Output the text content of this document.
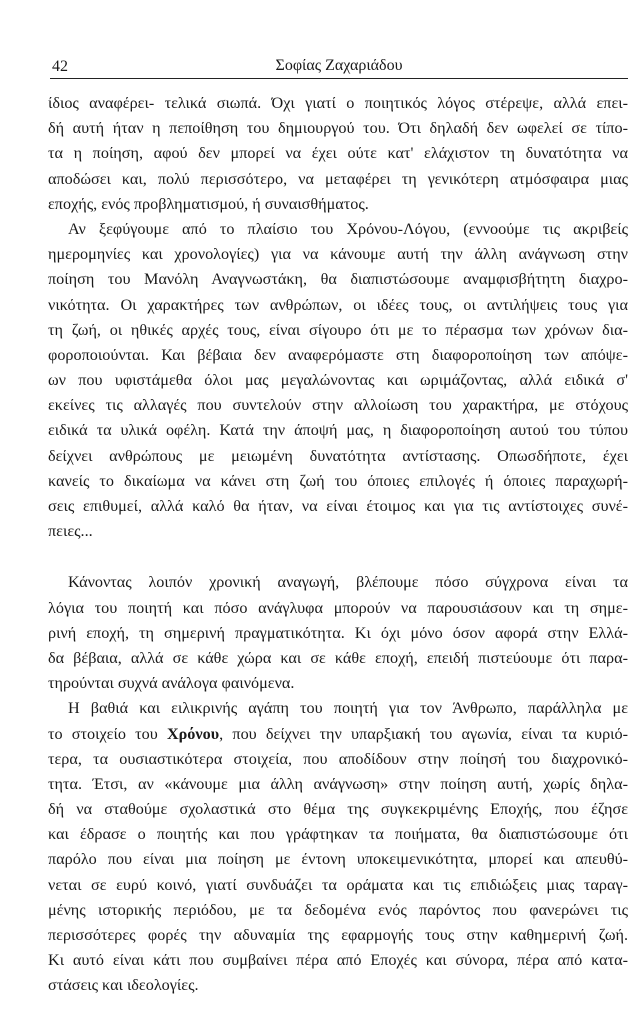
42	Σοφίας Ζαχαριάδου
ίδιος αναφέρει- τελικά σιωπά. Όχι γιατί ο ποιητικός λόγος στέρεψε, αλλά επει-
δή αυτή ήταν η πεποίθηση του δημιουργού του. Ότι δηλαδή δεν ωφελεί σε τίπο-
τα η ποίηση, αφού δεν μπορεί να έχει ούτε κατ' ελάχιστον τη δυνατότητα να
αποδώσει και, πολύ περισσότερο, να μεταφέρει τη γενικότερη ατμόσφαιρα μιας
εποχής, ενός προβληματισμού, ή συναισθήματος.
Αν ξεφύγουμε από το πλαίσιο του Χρόνου-Λόγου, (εννοούμε τις ακριβείς
ημερομηνίες και χρονολογίες) για να κάνουμε αυτή την άλλη ανάγνωση στην
ποίηση του Μανόλη Αναγνωστάκη, θα διαπιστώσουμε αναμφισβήτητη διαχρο-
νικότητα. Οι χαρακτήρες των ανθρώπων, οι ιδέες τους, οι αντιλήψεις τους για
τη ζωή, οι ηθικές αρχές τους, είναι σίγουρο ότι με το πέρασμα των χρόνων δια-
φοροποιούνται. Και βέβαια δεν αναφερόμαστε στη διαφοροποίηση των απόψε-
ων που υφιστάμεθα όλοι μας μεγαλώνοντας και ωριμάζοντας, αλλά ειδικά σ'
εκείνες τις αλλαγές που συντελούν στην αλλοίωση του χαρακτήρα, με στόχους
ειδικά τα υλικά οφέλη. Κατά την άποψή μας, η διαφοροποίηση αυτού του τύπου
δείχνει ανθρώπους με μειωμένη δυνατότητα αντίστασης. Οπωσδήποτε, έχει
κανείς το δικαίωμα να κάνει στη ζωή του όποιες επιλογές ή όποιες παραχωρή-
σεις επιθυμεί, αλλά καλό θα ήταν, να είναι έτοιμος και για τις αντίστοιχες συνέ-
πειες...
Κάνοντας λοιπόν χρονική αναγωγή, βλέπουμε πόσο σύγχρονα είναι τα
λόγια του ποιητή και πόσο ανάγλυφα μπορούν να παρουσιάσουν και τη σημε-
ρινή εποχή, τη σημερινή πραγματικότητα. Κι όχι μόνο όσον αφορά στην Ελλά-
δα βέβαια, αλλά σε κάθε χώρα και σε κάθε εποχή, επειδή πιστεύουμε ότι παρα-
τηρούνται συχνά ανάλογα φαινόμενα.
Η βαθιά και ειλικρινής αγάπη του ποιητή για τον Άνθρωπο, παράλληλα με
το στοιχείο του Χρόνου, που δείχνει την υπαρξιακή του αγωνία, είναι τα κυριό-
τερα, τα ουσιαστικότερα στοιχεία, που αποδίδουν στην ποίησή του διαχρονικό-
τητα. Έτσι, αν «κάνουμε μια άλλη ανάγνωση» στην ποίηση αυτή, χωρίς δηλα-
δή να σταθούμε σχολαστικά στο θέμα της συγκεκριμένης Εποχής, που έζησε
και έδρασε ο ποιητής και που γράφτηκαν τα ποιήματα, θα διαπιστώσουμε ότι
παρόλο που είναι μια ποίηση με έντονη υποκειμενικότητα, μπορεί και απευθύ-
νεται σε ευρύ κοινό, γιατί συνδυάζει τα οράματα και τις επιδιώξεις μιας ταραγ-
μένης ιστορικής περιόδου, με τα δεδομένα ενός παρόντος που φανερώνει τις
περισσότερες φορές την αδυναμία της εφαρμογής τους στην καθημερινή ζωή.
Κι αυτό είναι κάτι που συμβαίνει πέρα από Εποχές και σύνορα, πέρα από κατα-
στάσεις και ιδεολογίες.
